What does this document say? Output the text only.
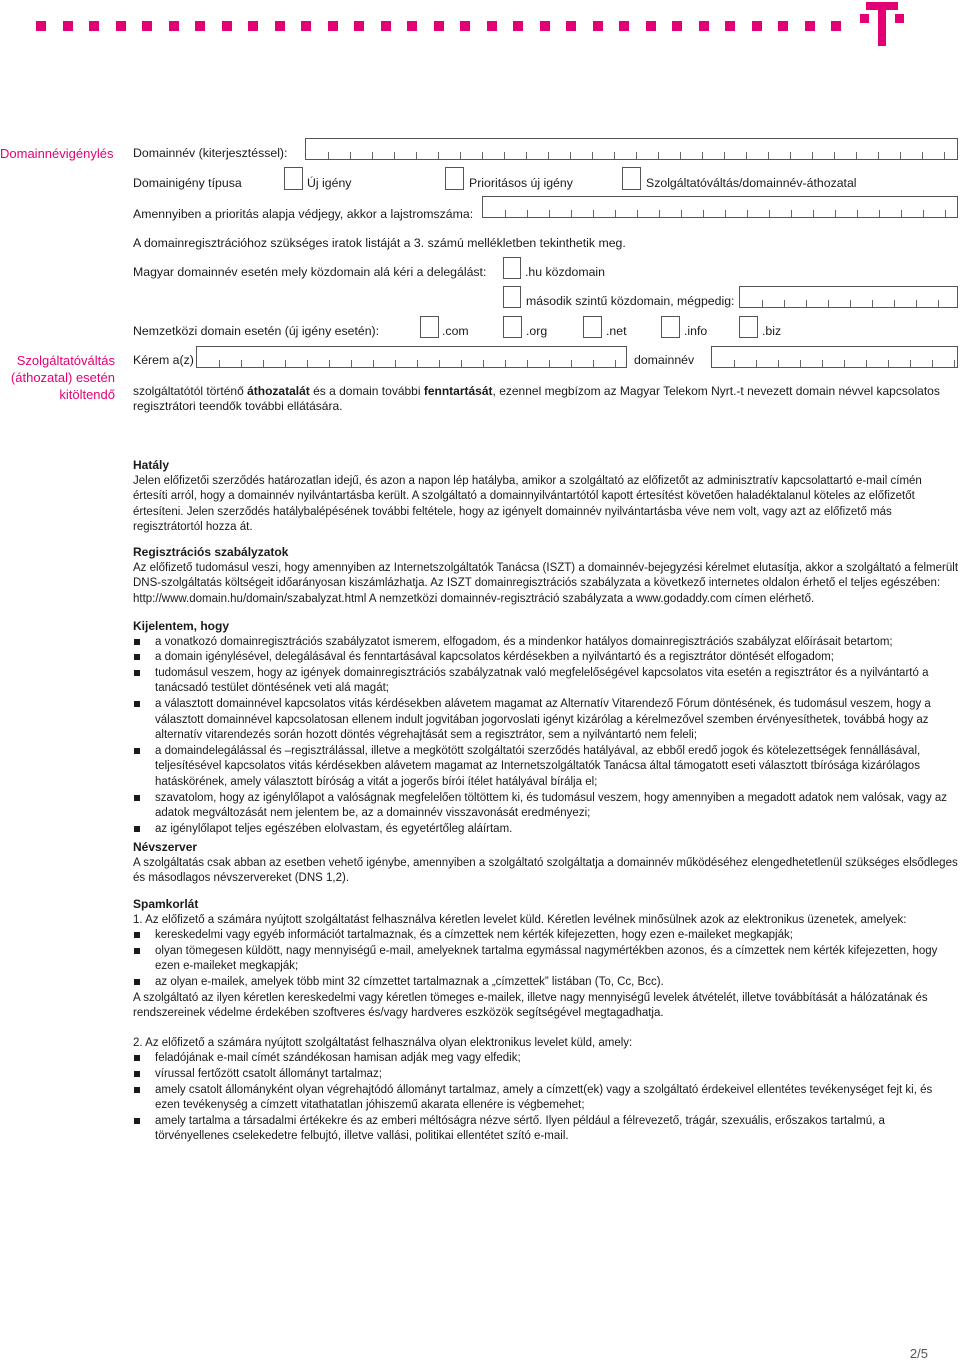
Domainnévigénylés Domainnév (kiterjesztéssel):
Domainigény típusa	Új igény	Prioritásos új igény	Szolgáltatóváltás/domainnév-áthozatal
Amennyiben a prioritás alapja védjegy, akkor a lajstromszáma:
A domainregisztrációhoz szükséges iratok listáját a 3. számú mellékletben tekinthetik meg.
Magyar domainnév esetén mely közdomain alá kéri a delegálást:	.hu közdomain
második szintű közdomain, mégpedig:
Nemzetközi domain esetén (új igény esetén):	.com	.org	.net	.info	.biz
Szolgáltatóváltás
(áthozatal) esetén
kitöltendő
Kérem a(z)	domainnév
szolgáltatótól történő áthozatalát és a domain további fenntartását, ezennel megbízom az Magyar Telekom Nyrt.-t nevezett domain névvel kapcsolatos regisztrátori teendők további ellátására.
Hatály

Jelen előfizetői szerződés határozatlan idejű, és azon a napon lép hatályba, amikor a szolgáltató az előfizetőt az adminisztratív kapcsolattartó e-mail címén értesíti arról, hogy a domainnév nyilvántartásba került. A szolgáltató a domainnyilvántartótól kapott értesítést követően haladéktalanul köteles az előfizetőt értesíteni. Jelen szerződés hatálybalépésének további feltétele, hogy az igényelt domainnév nyilvántartásba véve nem volt, vagy azt az előfizető más regisztrátortól hozza át.

Regisztrációs szabályzatok

Az előfizető tudomásul veszi, hogy amennyiben az Internetszolgáltatók Tanácsa (ISZT) a domainnév-bejegyzési kérelmet elutasítja, akkor a szolgáltató a felmerült DNS-szolgáltatás költségeit időarányosan kiszámlázhatja. Az ISZT domainregisztrációs szabályzata a következő internetes oldalon érhető el teljes egészében: http://www.domain.hu/domain/szabalyzat.html A nemzetközi domainnév-regisztráció szabályzata a www.godaddy.com címen elérhető.

Kijelentem, hogy
a vonatkozó domainregisztrációs szabályzatot ismerem, elfogadom, és a mindenkor hatályos domainregisztrációs szabályzat előírásait betartom;
a domain igénylésével, delegálásával és fenntartásával kapcsolatos kérdésekben a nyilvántartó és a regisztrátor döntését elfogadom;
tudomásul veszem, hogy az igények domainregisztrációs szabályzatnak való megfelelőségével kapcsolatos vita esetén a regisztrátor és a nyilvántartó a tanácsadó testület döntésének veti alá magát;
a választott domainnével kapcsolatos vitás kérdésekben alávetem magamat az Alternatív Vitarendező Fórum döntésének, és tudomásul veszem, hogy a választott domainnével kapcsolatosan ellenem indult jogvitában jogorvoslati igényt kizárólag a kérelmezővel szemben érvényesíthetek, továbbá hogy az alternatív vitarendezés során hozott döntés végrehajtását sem a regisztrátor, sem a nyilvántartó nem feleli;
a domaindelegálással és –regisztrálással, illetve a megkötött szolgáltatói szerződés hatályával, az ebből eredő jogok és kötelezettségek fennállásával, teljesítésével kapcsolatos vitás kérdésekben alávetem magamat az Internetszolgáltatók Tanácsa által támogatott eseti választott tbírósága kizárólagos hatáskörének, amely választott bíróság a vitát a jogerős bírói ítélet hatályával bírálja el;
szavatolom, hogy az igénylőlapot a valóságnak megfelelően töltöttem ki, és tudomásul veszem, hogy amennyiben a megadott adatok nem valósak, vagy az adatok megváltozását nem jelentem be, az a domainnév visszavonását eredményezi;
az igénylőlapot teljes egészében elolvastam, és egyetértőleg aláírtam.
Névszerver

A szolgáltatás csak abban az esetben vehető igénybe, amennyiben a szolgáltató szolgáltatja a domainnév működéséhez elengedhetetlenül szükséges elsődleges és másodlagos névszervereket (DNS 1,2).

Spamkorlát

1. Az előfizető a számára nyújtott szolgáltatást felhasználva kéretlen levelet küld. Kéretlen levélnek minősülnek azok az elektronikus üzenetek, amelyek:

kereskedelmi vagy egyéb információt tartalmaznak, és a címzettek nem kérték kifejezetten, hogy ezen e-maileket megkapják;
olyan tömegesen küldött, nagy mennyiségű e-mail, amelyeknek tartalma egymással nagymértékben azonos, és a címzettek nem kérték kifejezetten, hogy ezen e-maileket megkapják;
az olyan e-mailek, amelyek több mint 32 címzettet tartalmaznak a „címzettek” listában (To, Cc, Bcc).

A szolgáltató az ilyen kéretlen kereskedelmi vagy kéretlen tömeges e-mailek, illetve nagy mennyiségű levelek átvételét, illetve továbbítását a hálózatának és rendszereinek védelme érdekében szoftveres és/vagy hardveres eszközök segítségével megtagadhatja.

2. Az előfizető a számára nyújtott szolgáltatást felhasználva olyan elektronikus levelet küld, amely:

feladójának e-mail címét szándékosan hamisan adják meg vagy elfedik;
vírussal fertőzött csatolt állományt tartalmaz;
amely csatolt állományként olyan végrehajtódó állományt tartalmaz, amely a címzett(ek) vagy a szolgáltató érdekeivel ellentétes tevékenységet fejt ki, és ezen tevékenység a címzett vitathatatlan jóhiszemű akarata ellenére is végbemehet;
amely tartalma a társadalmi értékekre és az emberi méltóságra nézve sértő. Ilyen például a félrevezető, trágár, szexuális, erőszakos tartalmú, a törvényellenes cselekedetre felbujtó, illetve vallási, politikai ellentétet szító e-mail.
2/5
